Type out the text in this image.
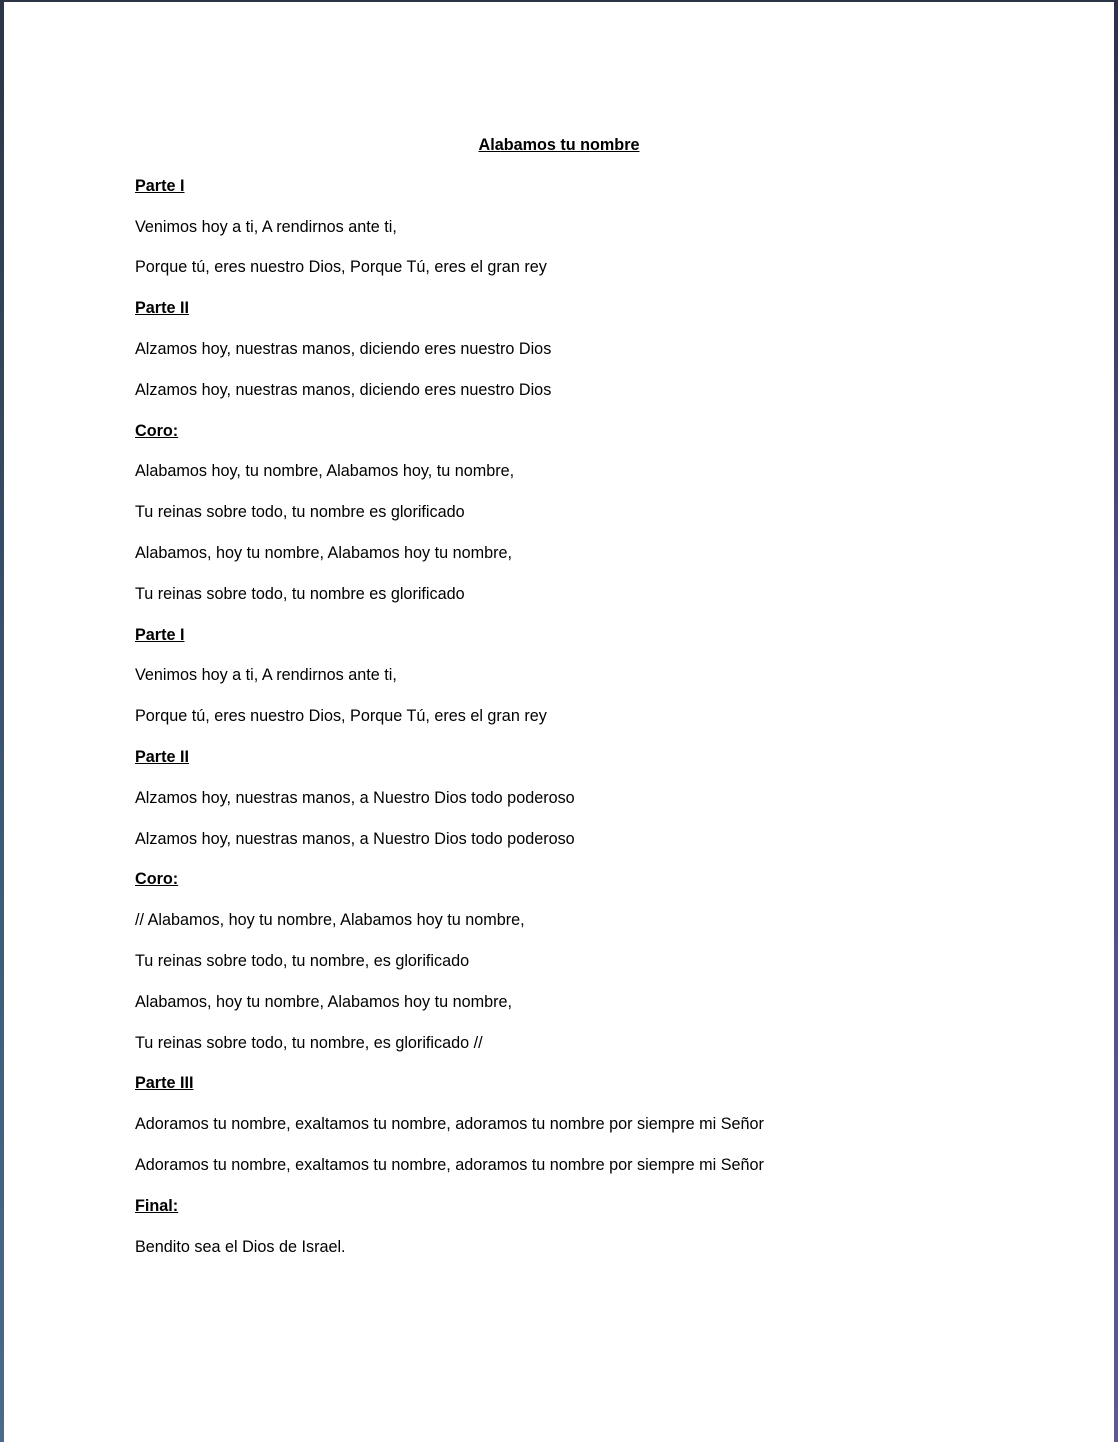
Alabamos tu nombre
Parte I
Venimos hoy a ti, A rendirnos ante ti,
Porque tú, eres nuestro Dios, Porque Tú, eres el gran rey
Parte II
Alzamos hoy, nuestras manos, diciendo eres nuestro Dios
Alzamos hoy, nuestras manos, diciendo eres nuestro Dios
Coro:
Alabamos hoy, tu nombre, Alabamos hoy, tu nombre,
Tu reinas sobre todo, tu nombre es glorificado
Alabamos, hoy tu nombre, Alabamos hoy tu nombre,
Tu reinas sobre todo, tu nombre es glorificado
Parte I
Venimos hoy a ti, A rendirnos ante ti,
Porque tú, eres nuestro Dios, Porque Tú, eres el gran rey
Parte II
Alzamos hoy, nuestras manos, a Nuestro Dios todo poderoso
Alzamos hoy, nuestras manos, a Nuestro Dios todo poderoso
Coro:
// Alabamos, hoy tu nombre, Alabamos hoy tu nombre,
Tu reinas sobre todo, tu nombre, es glorificado
Alabamos, hoy tu nombre, Alabamos hoy tu nombre,
Tu reinas sobre todo, tu nombre, es glorificado //
Parte III
Adoramos tu nombre, exaltamos tu nombre, adoramos tu nombre por siempre mi Señor
Adoramos tu nombre, exaltamos tu nombre, adoramos tu nombre por siempre mi Señor
Final:
Bendito sea el Dios de Israel.
